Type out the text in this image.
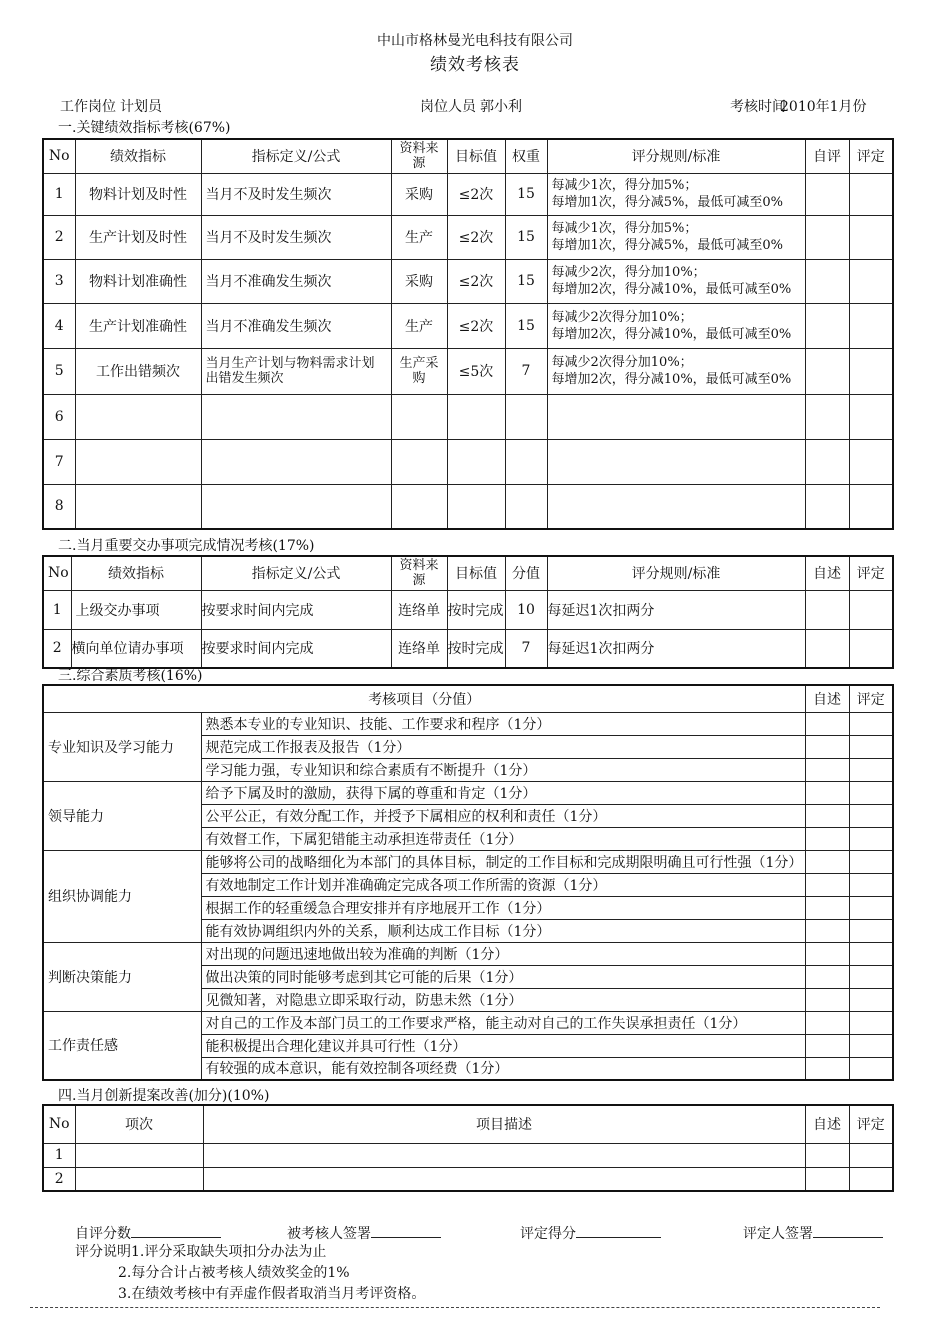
中山市格林曼光电科技有限公司
绩效考核表
工作岗位 计划员	岗位人员 郭小利	考核时间
2010年1月份
一.关键绩效指标考核(67%)
No	绩效指标	指标定义/公式	资料来源	目标值	权重	评分规则/标准	自评	评定
1	物料计划及时性	当月不及时发生频次	采购	≤2次	15	每减少1次，得分加5%；
每增加1次，得分减5%，最低可减至0%		

2	生产计划及时性	当月不及时发生频次	生产	≤2次	15	每减少1次，得分加5%；
每增加1次，得分减5%，最低可减至0%		

3	物料计划准确性	当月不准确发生频次	采购	≤2次	15	每减少2次，得分加10%；
每增加2次，得分减10%，最低可减至0%		

4	生产计划准确性	当月不准确发生频次	生产	≤2次	15	每减少2次得分加10%；
每增加2次，得分减10%，最低可减至0%		

5	工作出错频次	当月生产计划与物料需求计划出错发生频次	生产采购	≤5次	7	每减少2次得分加10%；
每增加2次，得分减10%，最低可减至0%		

6								
7								
8								
二.当月重要交办事项完成情况考核(17%)
No	绩效指标	指标定义/公式	资料来源	目标值	分值	评分规则/标准	自述	评定
1	上级交办事项	按要求时间内完成	连络单	按时完成	10	每延迟1次扣两分		
2	横向单位请办事项	按要求时间内完成	连络单	按时完成	7	每延迟1次扣两分		
三.综合素质考核(16%)
考核项目（分值）		自述	评定
专业知识及学习能力	熟悉本专业的专业知识、技能、工作要求和程序（1分）		
	规范完成工作报表及报告（1分）		
	学习能力强，专业知识和综合素质有不断提升（1分）		
领导能力	给予下属及时的激励，获得下属的尊重和肯定（1分）		
	公平公正，有效分配工作，并授予下属相应的权利和责任（1分）		
	有效督工作，下属犯错能主动承担连带责任（1分）		
组织协调能力	能够将公司的战略细化为本部门的具体目标，制定的工作目标和完成期限明确且可行性强（1分）		
	有效地制定工作计划并准确确定完成各项工作所需的资源（1分）		
	根据工作的轻重缓急合理安排并有序地展开工作（1分）		
	能有效协调组织内外的关系，顺利达成工作目标（1分）		
判断决策能力	对出现的问题迅速地做出较为准确的判断（1分）		
	做出决策的同时能够考虑到其它可能的后果（1分）		
	见微知著，对隐患立即采取行动，防患未然（1分）		
工作责任感	对自己的工作及本部门员工的工作要求严格，能主动对自己的工作失误承担责任（1分）		
	能积极提出合理化建议并具可行性（1分）		
	有较强的成本意识，能有效控制各项经费（1分）		
四.当月创新提案改善(加分)(10%)
No	项次	项目描述	自述	评定
1				
2				
自评分数	被考核人签署	评定得分	评定人签署
评分说明 1.评分采取缺失项扣分办法为止
2.每分合计占被考核人绩效奖金的1%
3.在绩效考核中有弄虚作假者取消当月考评资格。
